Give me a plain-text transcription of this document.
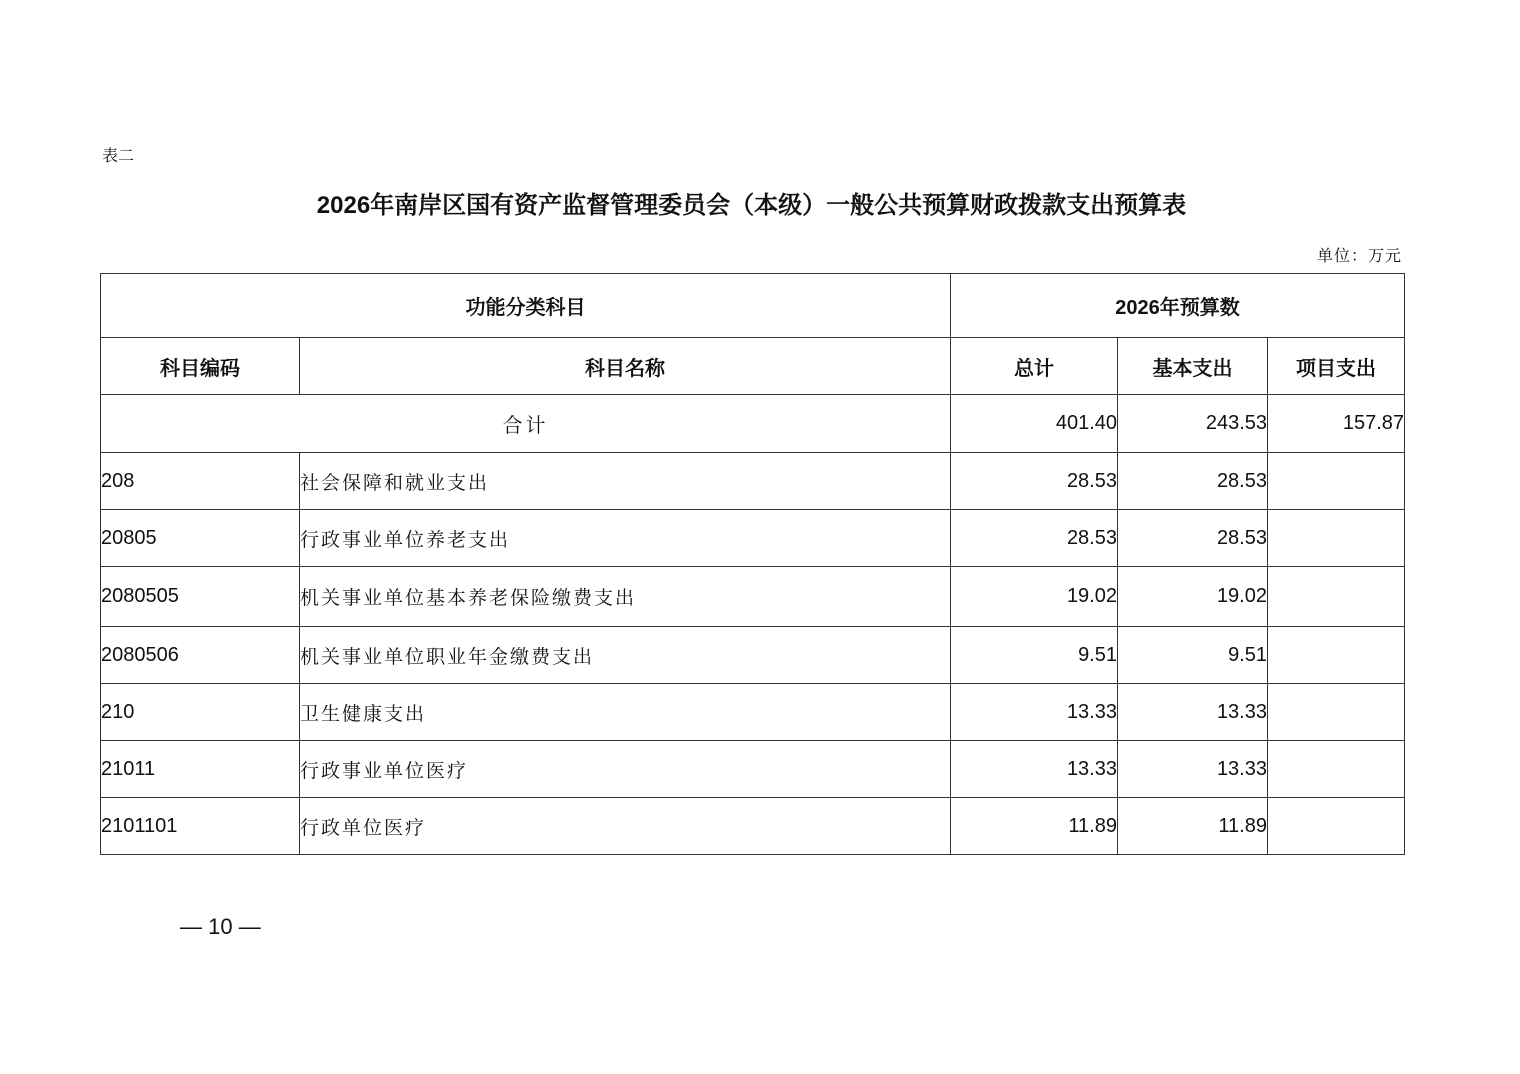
表二
2026年南岸区国有资产监督管理委员会（本级）一般公共预算财政拨款支出预算表
单位：万元
功能分类科目		2026年预算数		
科目编码	科目名称	总计	基本支出	项目支出
合计		401.40	243.53	157.87
208	社会保障和就业支出	28.53	28.53	
20805	行政事业单位养老支出	28.53	28.53	
2080505	机关事业单位基本养老保险缴费支出	19.02	19.02	
2080506	机关事业单位职业年金缴费支出	9.51	9.51	
210	卫生健康支出	13.33	13.33	
21011	行政事业单位医疗	13.33	13.33	
2101101	行政单位医疗	11.89	11.89	
— 10 —
